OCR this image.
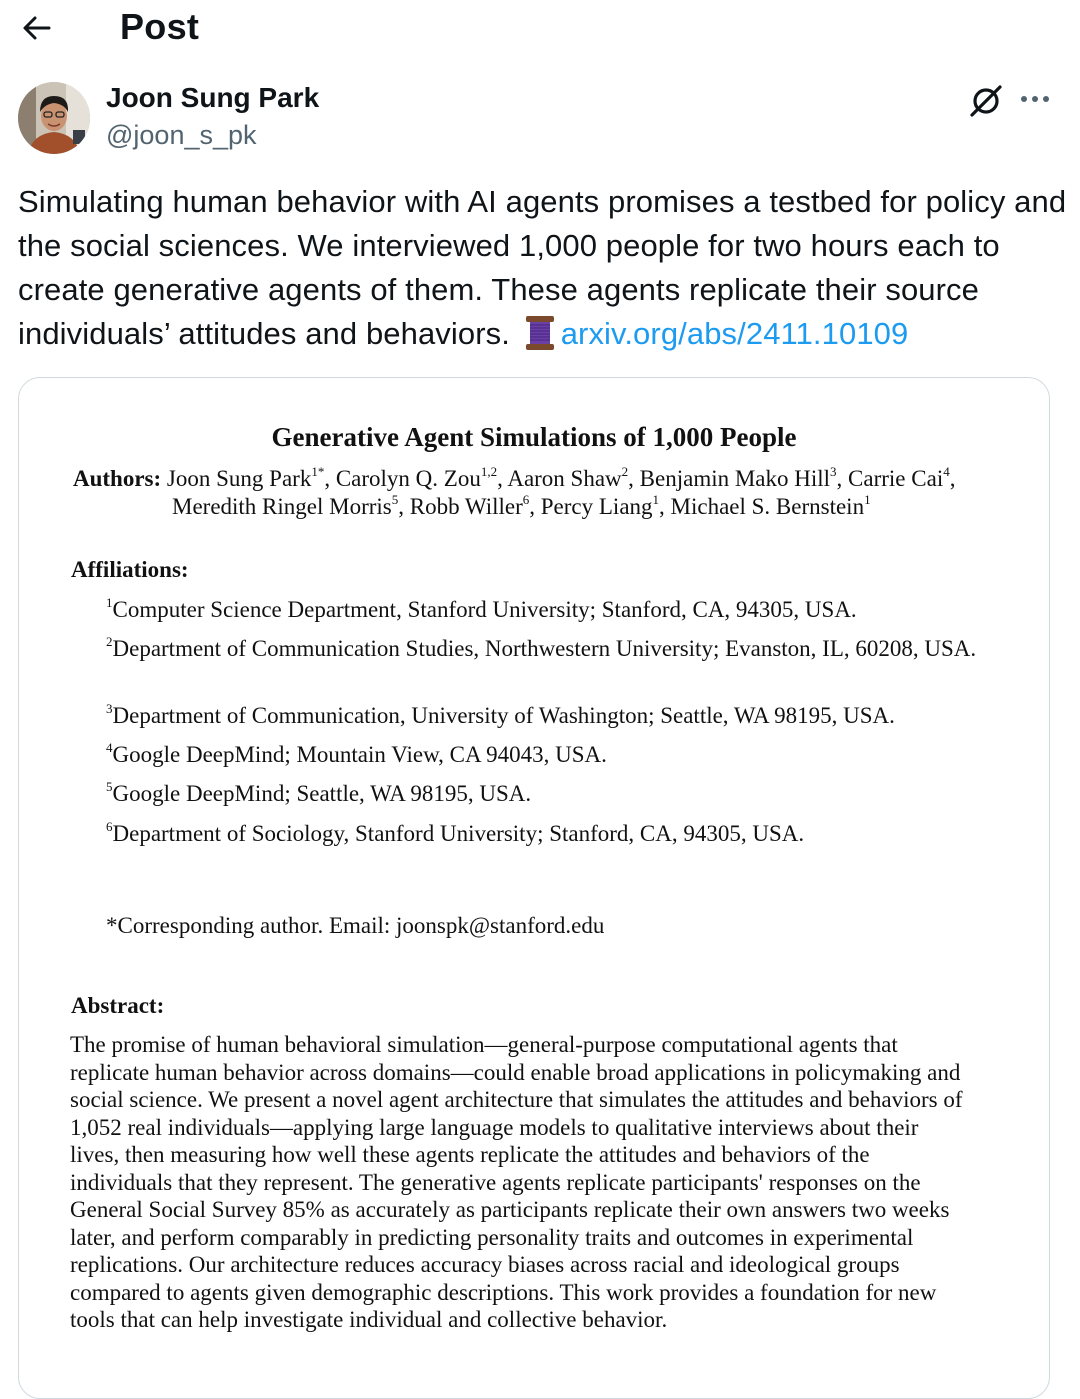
Post
Joon Sung Park
@joon_s_pk
Simulating human behavior with AI agents promises a testbed for policy and the social sciences. We interviewed 1,000 people for two hours each to create generative agents of them. These agents replicate their source individuals’ attitudes and behaviors. arxiv.org/abs/2411.10109
Generative Agent Simulations of 1,000 People
Authors: Joon Sung Park$^{1*}$, Carolyn Q. Zou$^{1,2}$, Aaron Shaw$^2$, Benjamin Mako Hill$^3$, Carrie Cai$^4$,
Meredith Ringel Morris$^5$, Robb Willer$^6$, Percy Liang$^1$, Michael S. Bernstein$^1$
Affiliations:
$^1$Computer Science Department, Stanford University; Stanford, CA, 94305, USA.
$^2$Department of Communication Studies, Northwestern University; Evanston, IL, 60208, USA.
$^3$Department of Communication, University of Washington; Seattle, WA 98195, USA.
$^4$Google DeepMind; Mountain View, CA 94043, USA.
$^5$Google DeepMind; Seattle, WA 98195, USA.
$^6$Department of Sociology, Stanford University; Stanford, CA, 94305, USA.
*Corresponding author. Email: joonspk@stanford.edu
Abstract:
The promise of human behavioral simulation—general-purpose computational agents that
replicate human behavior across domains—could enable broad applications in policymaking and
social science. We present a novel agent architecture that simulates the attitudes and behaviors of
1,052 real individuals—applying large language models to qualitative interviews about their
lives, then measuring how well these agents replicate the attitudes and behaviors of the
individuals that they represent. The generative agents replicate participants' responses on the
General Social Survey 85% as accurately as participants replicate their own answers two weeks
later, and perform comparably in predicting personality traits and outcomes in experimental
replications. Our architecture reduces accuracy biases across racial and ideological groups
compared to agents given demographic descriptions. This work provides a foundation for new
tools that can help investigate individual and collective behavior.
